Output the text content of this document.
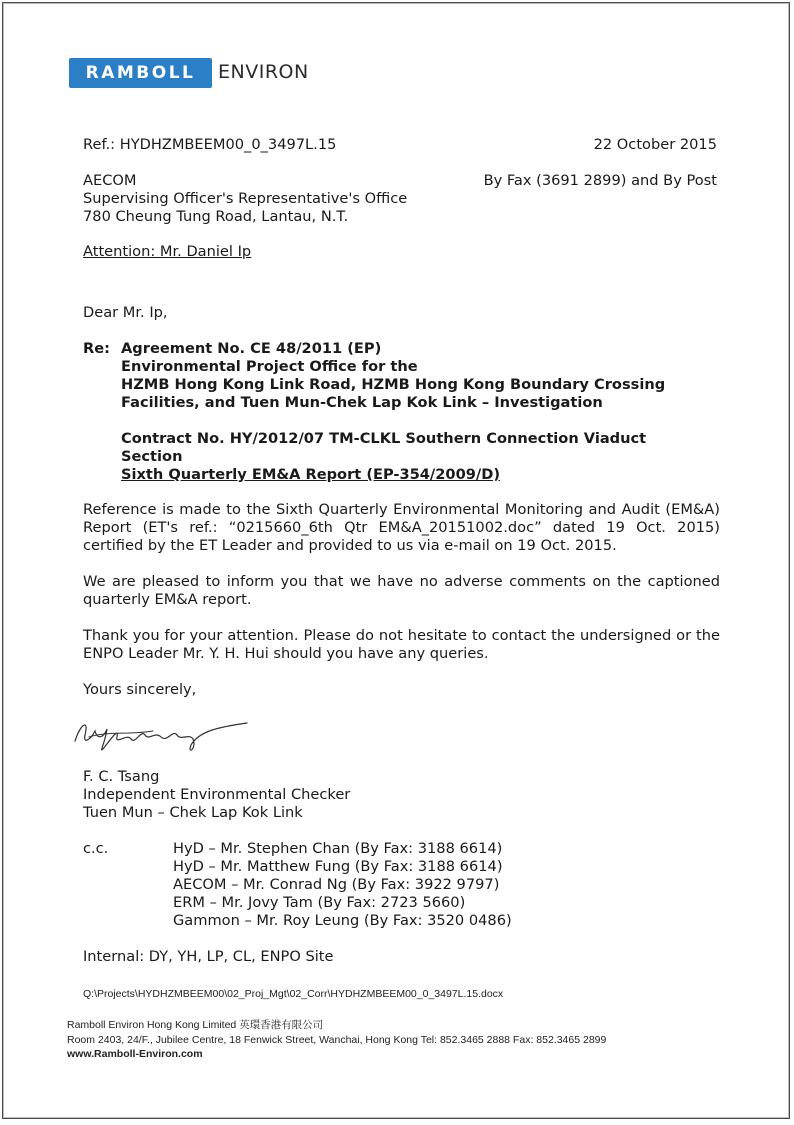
RAMBOLL ENVIRON
Ref.: HYDHZMBEEM00_0_3497L.15	22 October 2015
AECOM	By Fax (3691 2899) and By Post
Supervising Officer's Representative's Office
780 Cheung Tung Road, Lantau, N.T.
Attention: Mr. Daniel Ip
Dear Mr. Ip,
Re: Agreement No. CE 48/2011 (EP)
Environmental Project Office for the
HZMB Hong Kong Link Road, HZMB Hong Kong Boundary Crossing
Facilities, and Tuen Mun-Chek Lap Kok Link – Investigation
Contract No. HY/2012/07 TM-CLKL Southern Connection Viaduct
Section
Sixth Quarterly EM&A Report (EP-354/2009/D)
Reference is made to the Sixth Quarterly Environmental Monitoring and Audit (EM&A) Report (ET's ref.: “0215660_6th Qtr EM&A_20151002.doc” dated 19 Oct. 2015) certified by the ET Leader and provided to us via e-mail on 19 Oct. 2015.
We are pleased to inform you that we have no adverse comments on the captioned quarterly EM&A report.
Thank you for your attention. Please do not hesitate to contact the undersigned or the ENPO Leader Mr. Y. H. Hui should you have any queries.
Yours sincerely,
F. C. Tsang
Independent Environmental Checker
Tuen Mun – Chek Lap Kok Link
c.c.	HyD – Mr. Stephen Chan (By Fax: 3188 6614)
HyD – Mr. Matthew Fung (By Fax: 3188 6614)
AECOM – Mr. Conrad Ng (By Fax: 3922 9797)
ERM – Mr. Jovy Tam (By Fax: 2723 5660)
Gammon – Mr. Roy Leung (By Fax: 3520 0486)
Internal: DY, YH, LP, CL, ENPO Site
Q:\Projects\HYDHZMBEEM00\02_Proj_Mgt\02_Corr\HYDHZMBEEM00_0_3497L.15.docx
Ramboll Environ Hong Kong Limited 英環香港有限公司
Room 2403, 24/F., Jubilee Centre, 18 Fenwick Street, Wanchai, Hong Kong Tel: 852.3465 2888 Fax: 852.3465 2899
www.Ramboll-Environ.com
